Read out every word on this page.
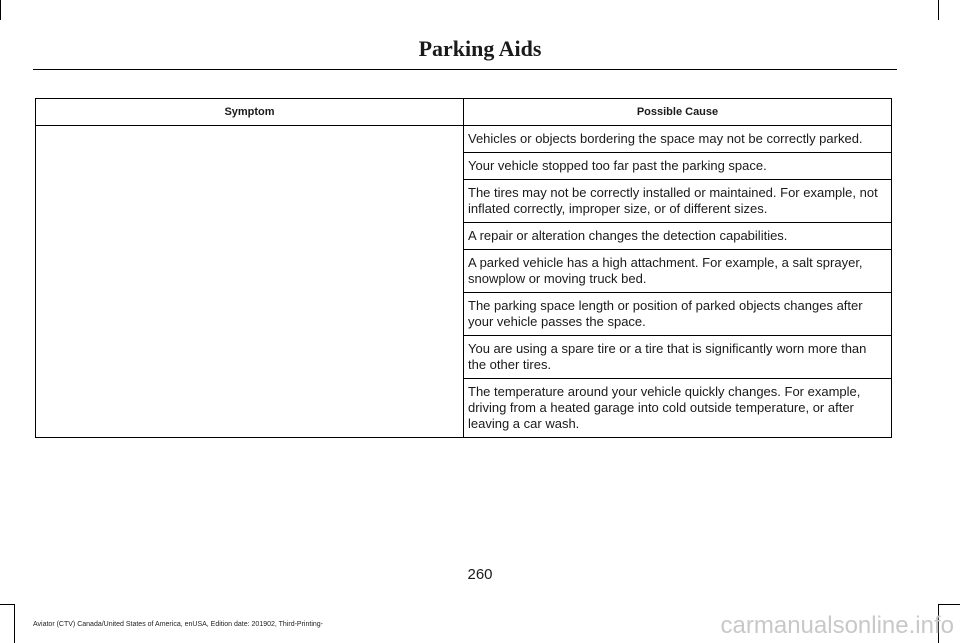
Parking Aids
Symptom	Possible Cause
	Vehicles or objects bordering the space may not be correctly parked.
	Your vehicle stopped too far past the parking space.
	The tires may not be correctly installed or maintained. For example, not inflated correctly, improper size, or of different sizes.
	A repair or alteration changes the detection capabilities.
	A parked vehicle has a high attachment. For example, a salt sprayer, snowplow or moving truck bed.
	The parking space length or position of parked objects changes after your vehicle passes the space.
	You are using a spare tire or a tire that is significantly worn more than the other tires.
	The temperature around your vehicle quickly changes. For example, driving from a heated garage into cold outside temperature, or after leaving a car wash.
260
Aviator (CTV) Canada/United States of America, enUSA, Edition date: 201902, Third-Printing-	carmanualsonline.info
